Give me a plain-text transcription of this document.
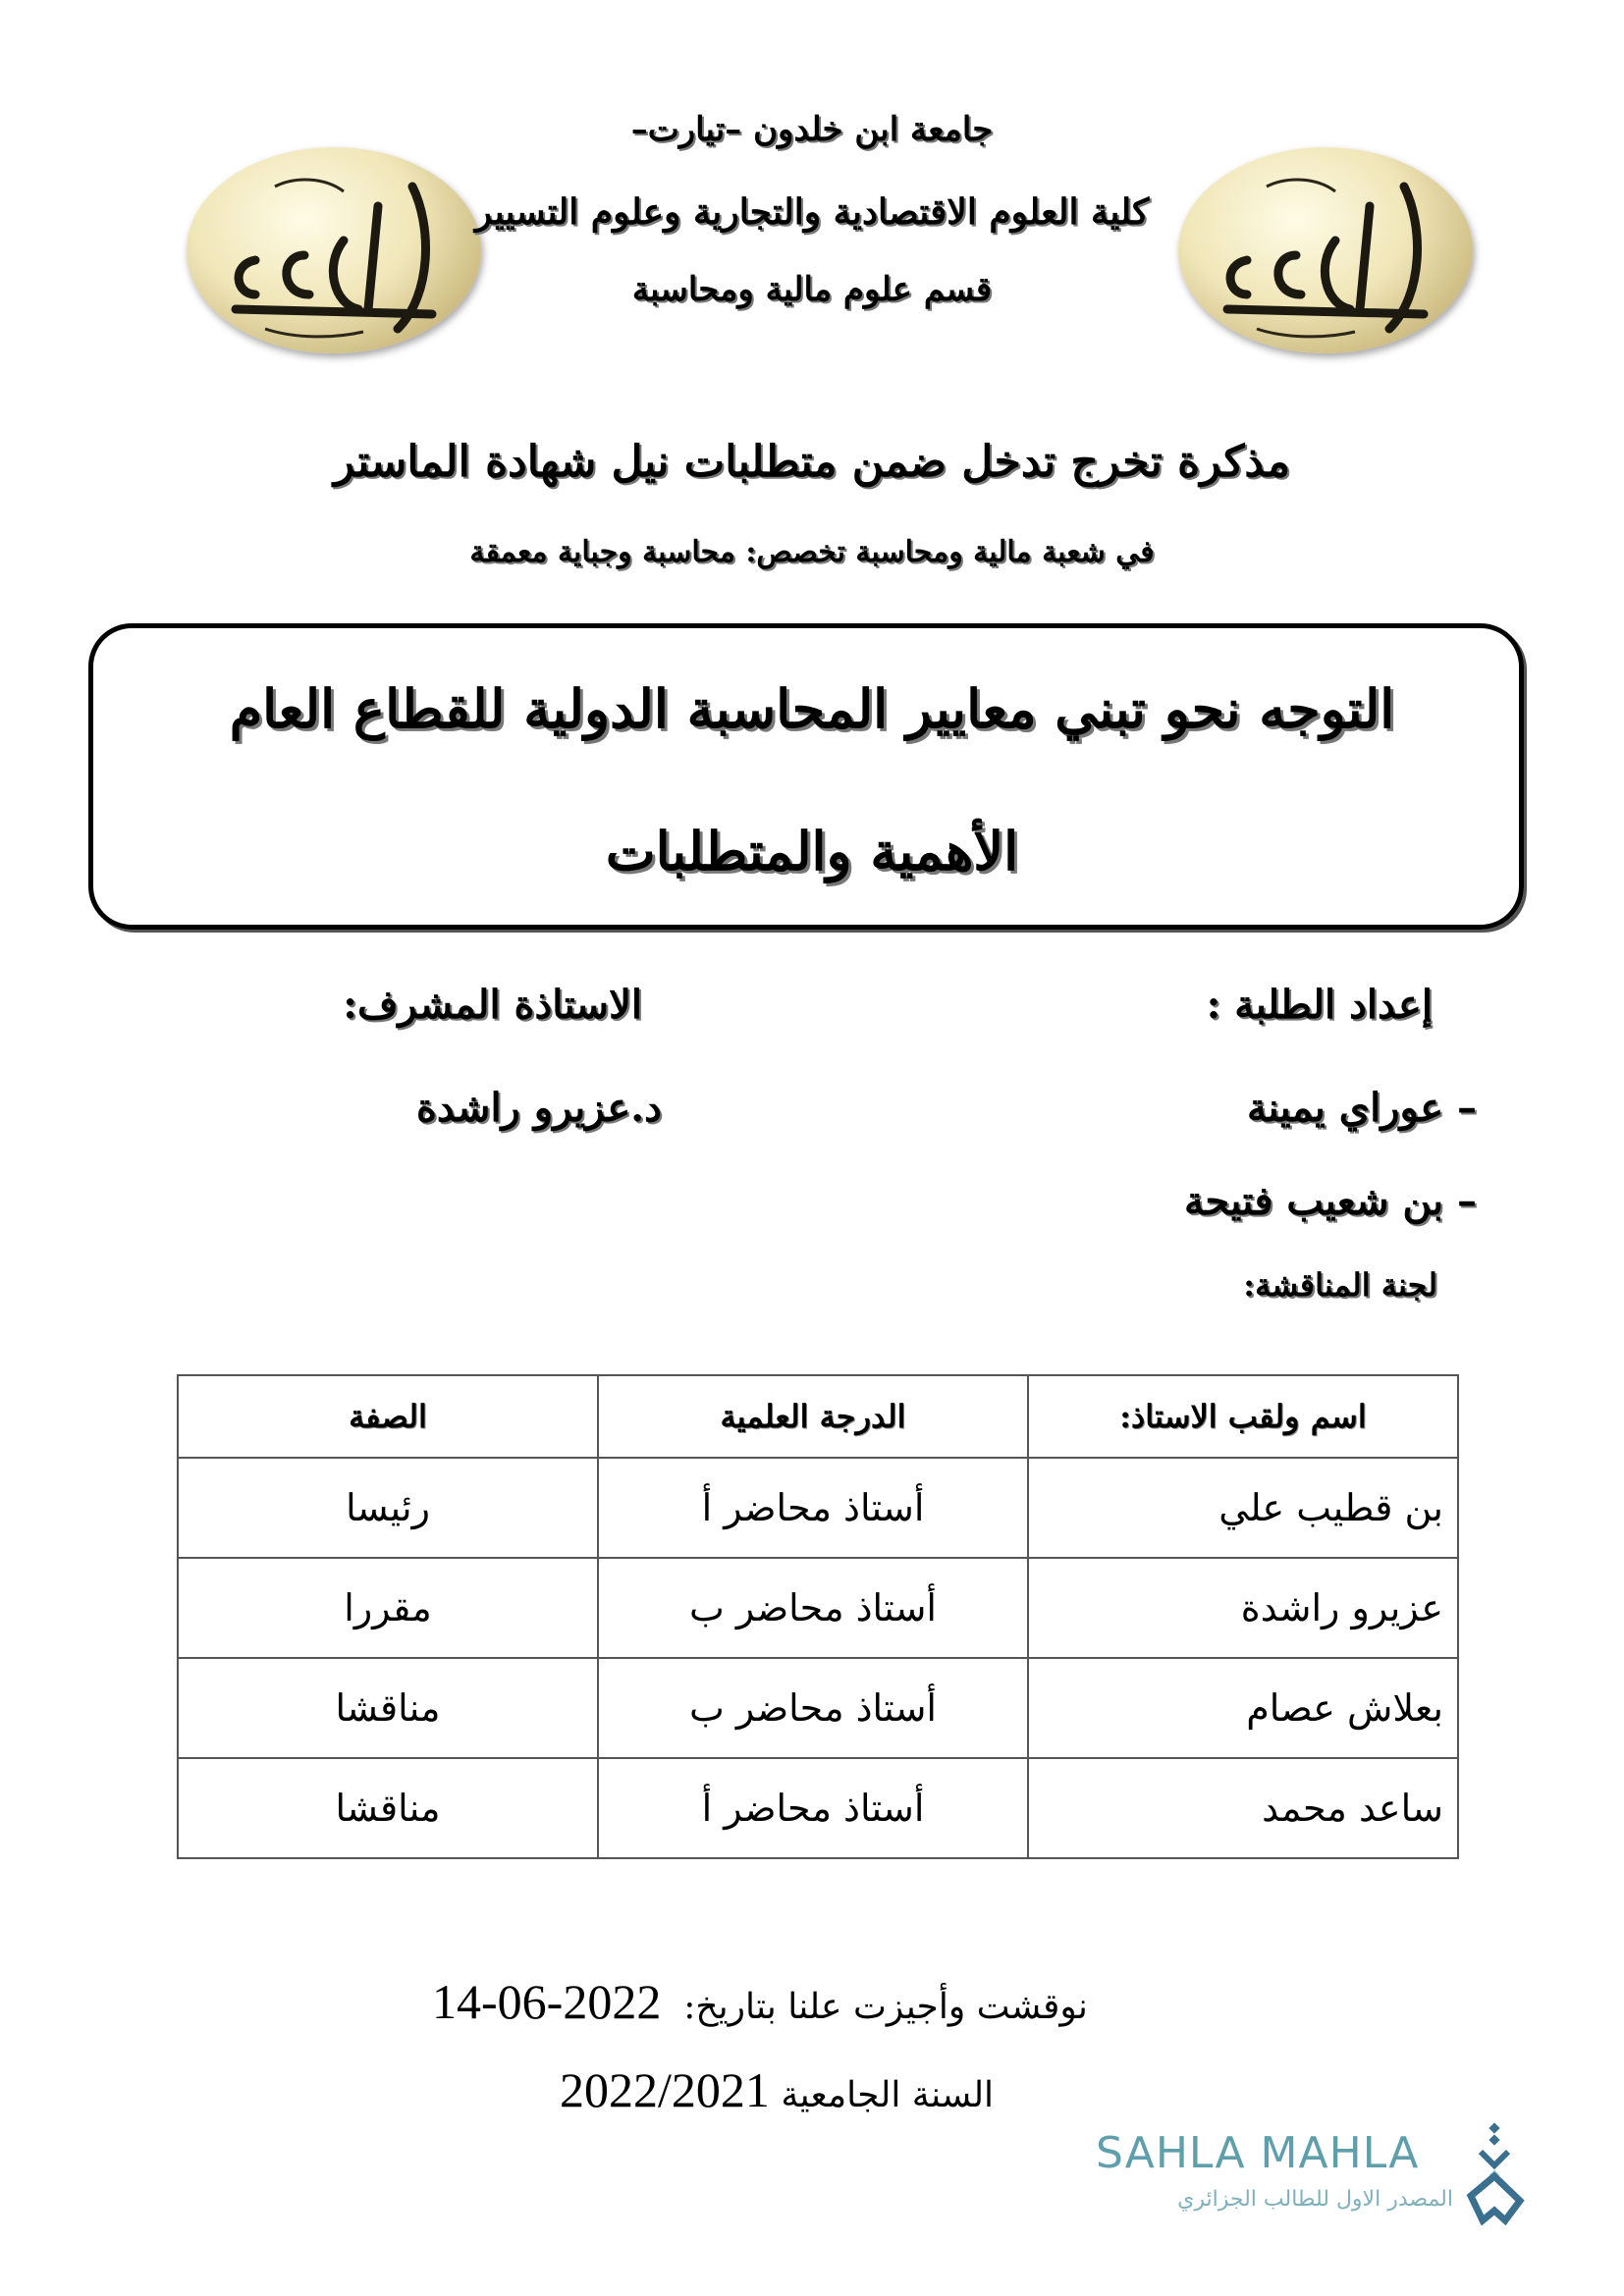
جامعة ابن خلدون –تيارت–
كلية العلوم الاقتصادية والتجارية وعلوم التسيير
قسم علوم مالية ومحاسبة
مذكرة تخرج تدخل ضمن متطلبات نيل شهادة الماستر
في شعبة مالية ومحاسبة تخصص: محاسبة وجباية معمقة
التوجه نحو تبني معايير المحاسبة الدولية للقطاع العام
الأهمية والمتطلبات
إعداد الطلبة :
الاستاذة المشرف:
– عوراي يمينة
د.عزيرو راشدة
– بن شعيب فتيحة
لجنة المناقشة:
اسم ولقب الاستاذ:	الدرجة العلمية	الصفة
بن قطيب علي	أستاذ محاضر أ	رئيسا
عزيرو راشدة	أستاذ محاضر ب	مقررا
بعلاش عصام	أستاذ محاضر ب	مناقشا
ساعد محمد	أستاذ محاضر أ	مناقشا
نوقشت وأجيزت علنا بتاريخ:  2022-06-14
السنة الجامعية 2022/2021
SAHLA MAHLA
المصدر الاول للطالب الجزائري
